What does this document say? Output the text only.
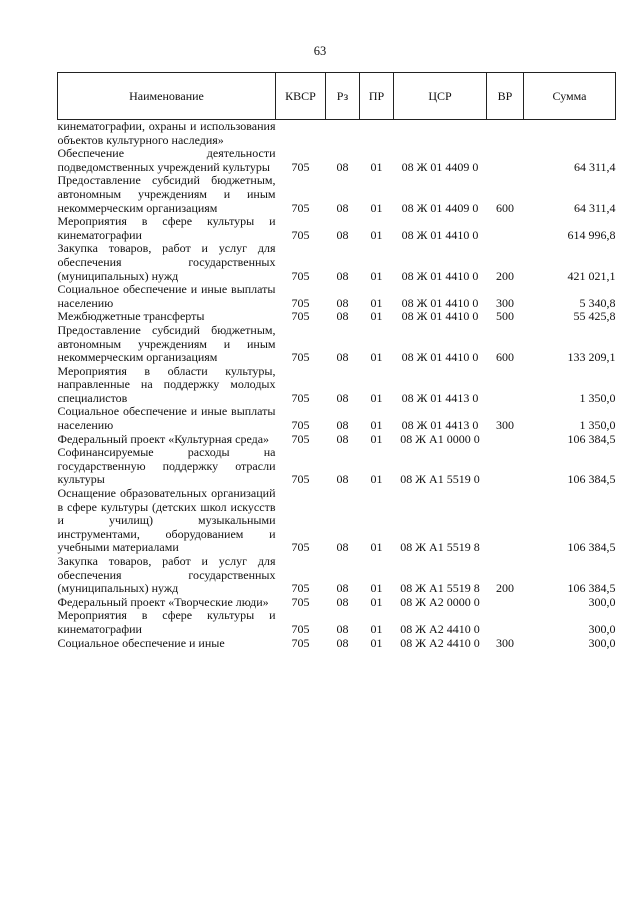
63
Наименование	КВСР	Рз	ПР	ЦСР	ВР	Сумма
кинематографии, охраны и использования объектов культурного наследия»						
Обеспечение деятельности подведомственных учреждений культуры	705	08	01	08 Ж 01 4409 0		64 311,4
Предоставление субсидий бюджетным, автономным учреждениям и иным некоммерческим организациям	705	08	01	08 Ж 01 4409 0	600	64 311,4
Мероприятия в сфере культуры и кинематографии	705	08	01	08 Ж 01 4410 0		614 996,8
Закупка товаров, работ и услуг для обеспечения государственных (муниципальных) нужд	705	08	01	08 Ж 01 4410 0	200	421 021,1
Социальное обеспечение и иные выплаты населению	705	08	01	08 Ж 01 4410 0	300	5 340,8
Межбюджетные трансферты	705	08	01	08 Ж 01 4410 0	500	55 425,8
Предоставление субсидий бюджетным, автономным учреждениям и иным некоммерческим организациям	705	08	01	08 Ж 01 4410 0	600	133 209,1
Мероприятия в области культуры, направленные на поддержку молодых специалистов	705	08	01	08 Ж 01 4413 0		1 350,0
Социальное обеспечение и иные выплаты населению	705	08	01	08 Ж 01 4413 0	300	1 350,0
Федеральный проект «Культурная среда»	705	08	01	08 Ж А1 0000 0		106 384,5
Софинансируемые расходы на государственную поддержку отрасли культуры	705	08	01	08 Ж А1 5519 0		106 384,5
Оснащение образовательных организаций в сфере культуры (детских школ искусств и училищ) музыкальными инструментами, оборудованием и учебными материалами	705	08	01	08 Ж А1 5519 8		106 384,5
Закупка товаров, работ и услуг для обеспечения государственных (муниципальных) нужд	705	08	01	08 Ж А1 5519 8	200	106 384,5
Федеральный проект «Творческие люди»	705	08	01	08 Ж А2 0000 0		300,0
Мероприятия в сфере культуры и кинематографии	705	08	01	08 Ж А2 4410 0		300,0
Социальное обеспечение и иные	705	08	01	08 Ж А2 4410 0	300	300,0
